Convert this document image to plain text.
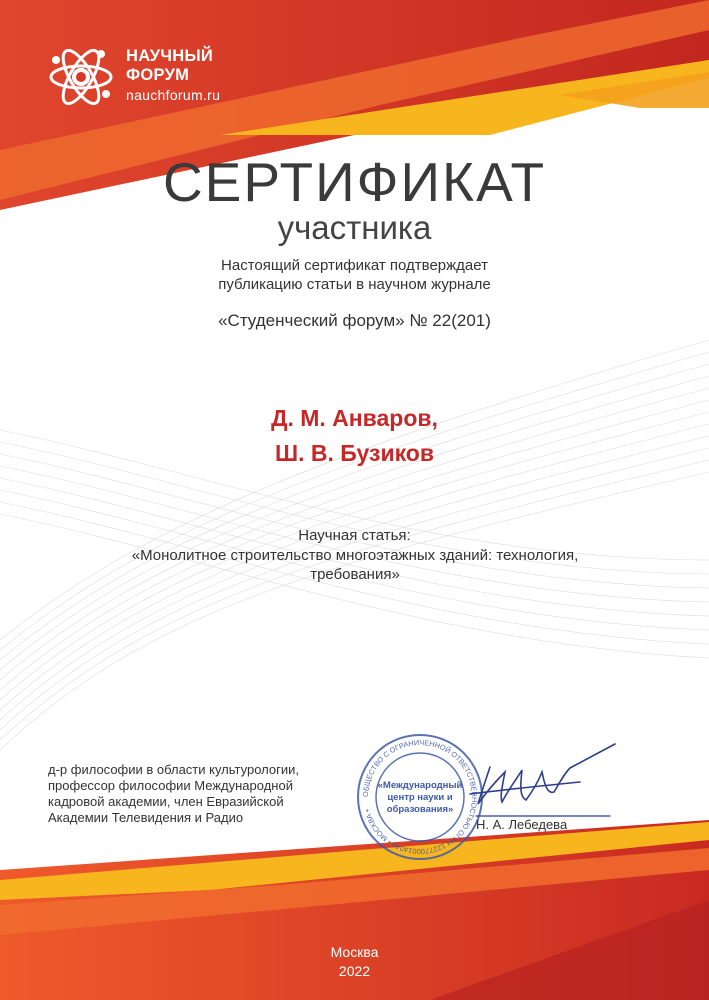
НАУЧНЫЙ
ФОРУМ
nauchforum.ru
СЕРТИФИКАТ
участника
Настоящий сертификат подтверждает
публикацию статьи в научном журнале
«Студенческий форум» № 22(201)
Д. М. Анваров,
Ш. В. Бузиков
Научная статья:
«Монолитное строительство многоэтажных зданий: технология,
требования»
д-р философии в области культурологии,
профессор философии Международной
кадровой академии, член Евразийской
Академии Телевидения и Радио
ОБЩЕСТВО С ОГРАНИЧЕННОЙ ОТВЕТСТВЕННОСТЬЮ ОГРН 1227700014049 • МОСКВА •
«Международный
центр науки и
образования»
Н. А. Лебедева
Москва
2022
